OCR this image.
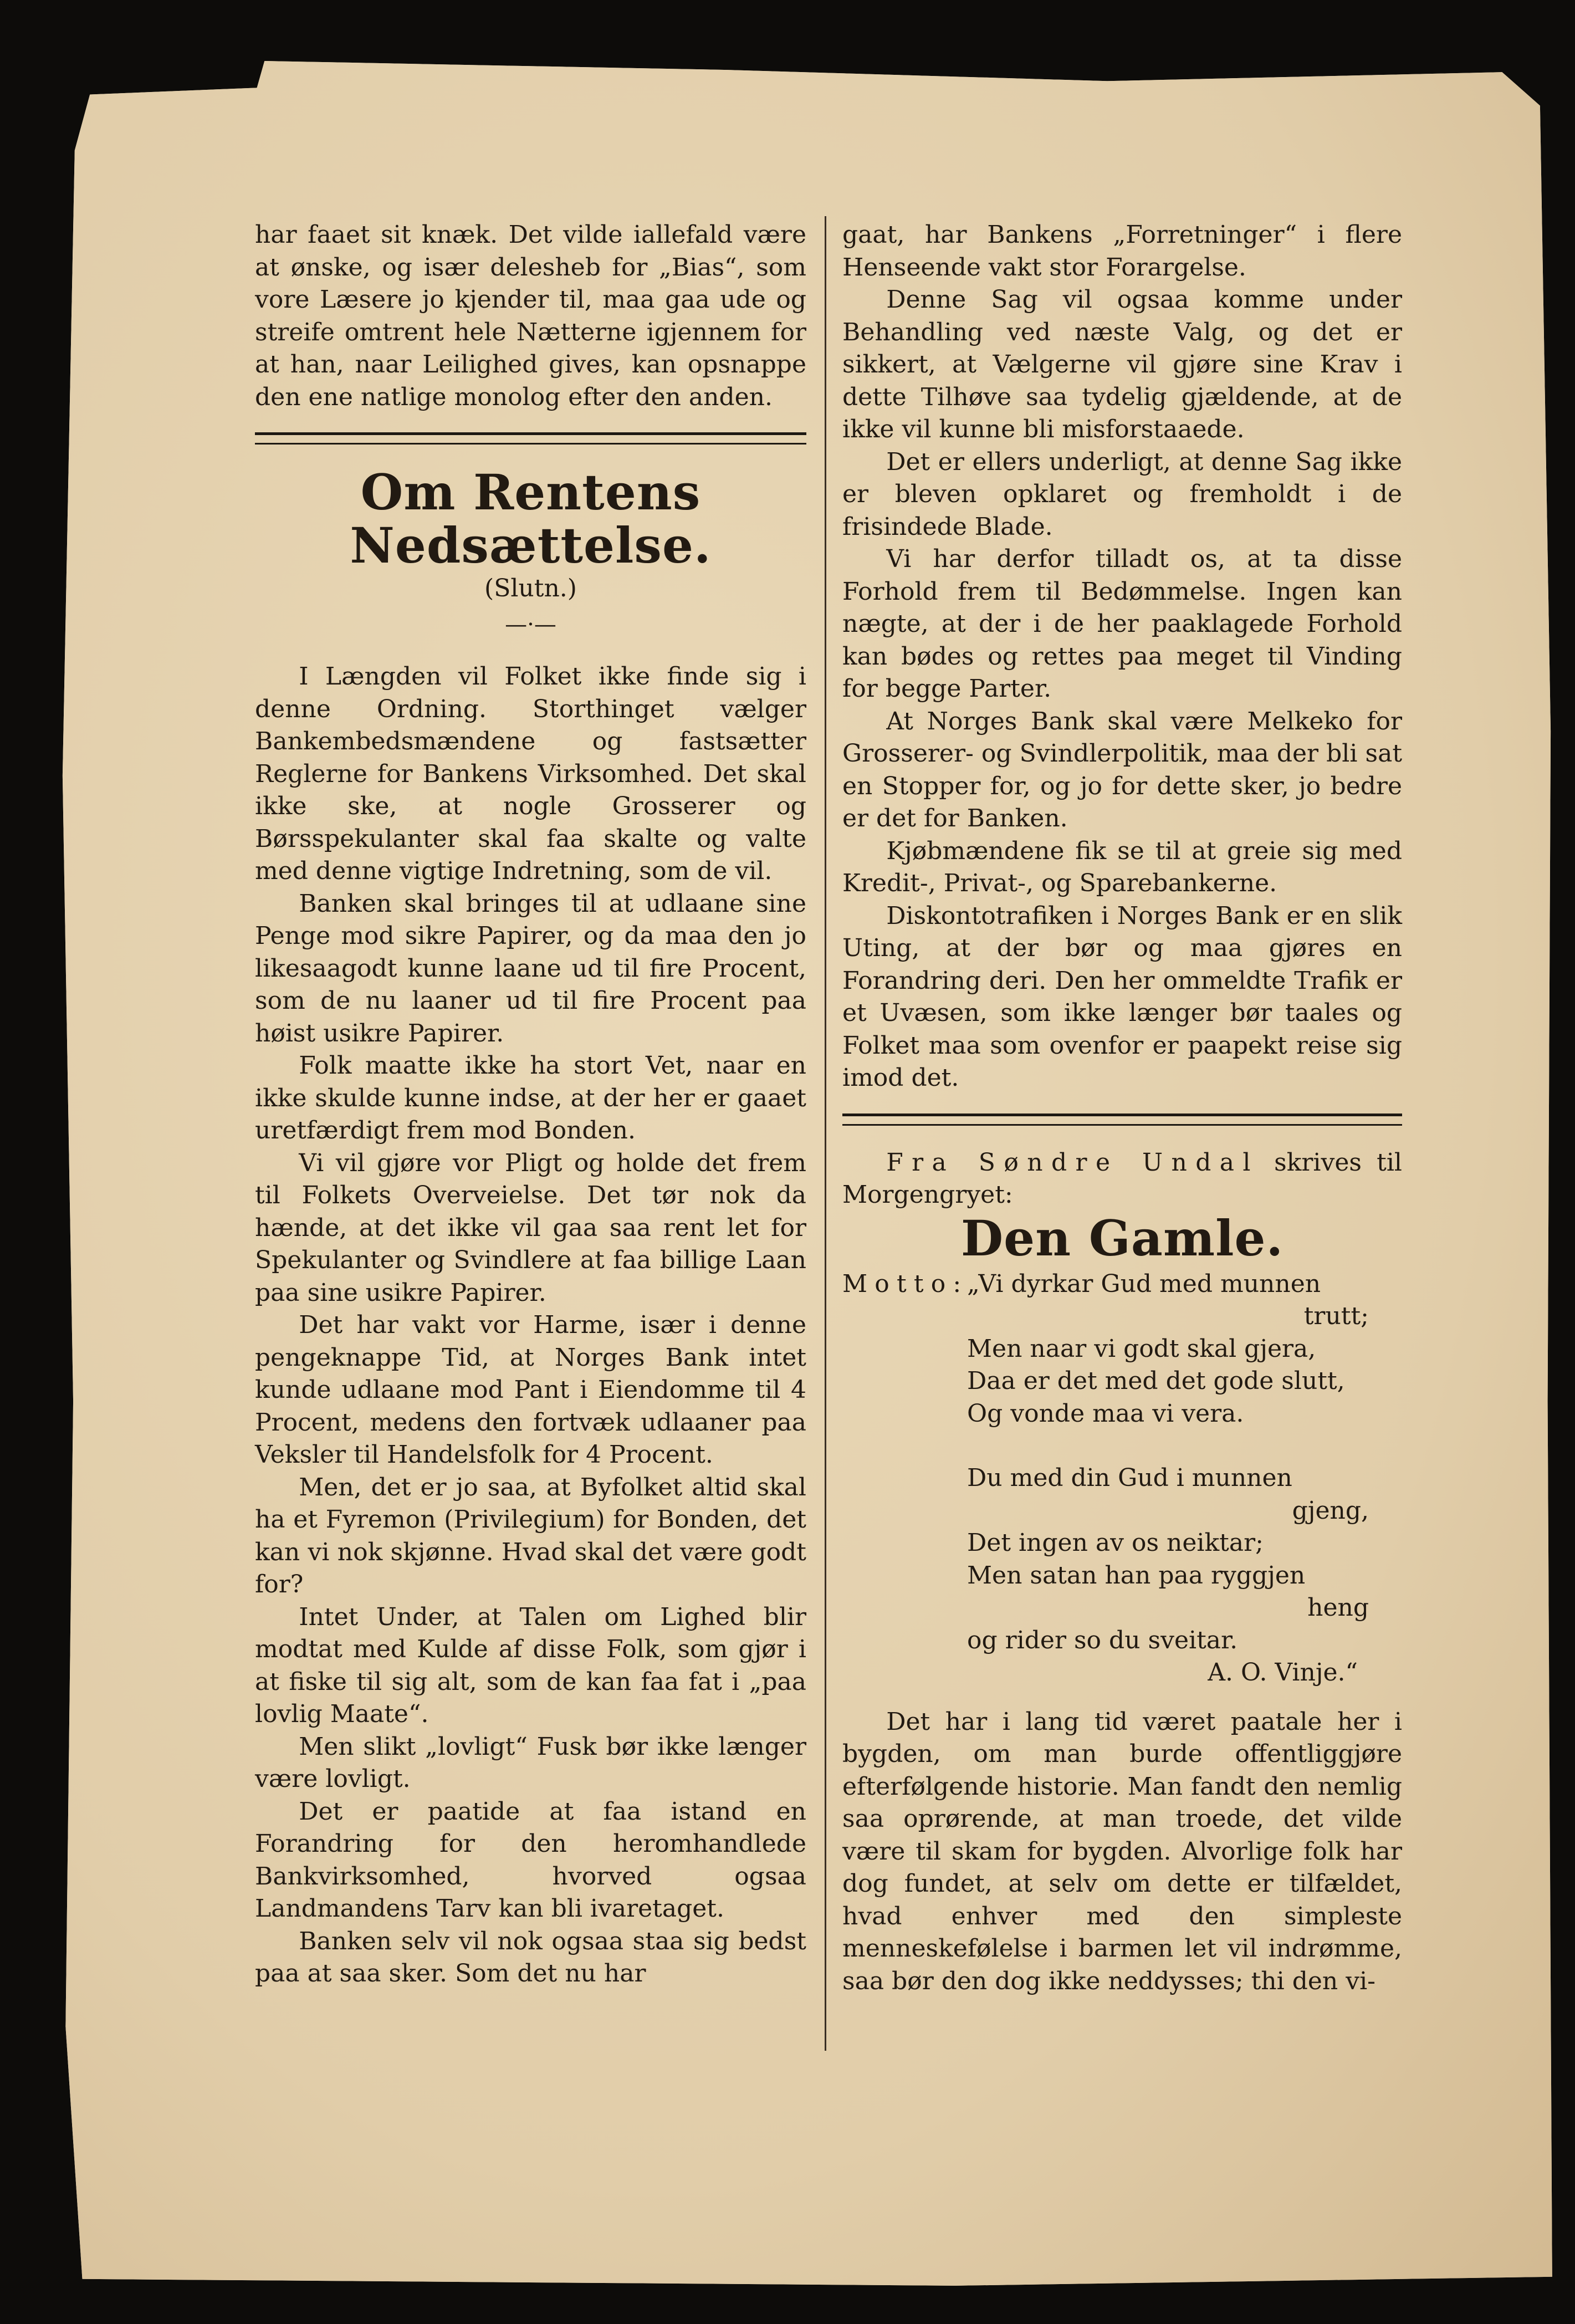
har faaet sit knæk. Det vilde iallefald være at ønske, og især delesheb for „Bias“, som vore Læsere jo kjender til, maa gaa ude og streife omtrent hele Nætterne igjennem for at han, naar Leilighed gives, kan opsnappe den ene natlige monolog efter den anden.

Om Rentens Nedsættelse.

(Slutn.)

—·—

I Længden vil Folket ikke finde sig i denne Ordning. Storthinget vælger Bankembedsmændene og fastsætter Reglerne for Bankens Virksomhed. Det skal ikke ske, at nogle Grosserer og Børsspekulanter skal faa skalte og valte med denne vigtige Indretning, som de vil.

Banken skal bringes til at udlaane sine Penge mod sikre Papirer, og da maa den jo likesaagodt kunne laane ud til fire Procent, som de nu laaner ud til fire Procent paa høist usikre Papirer.

Folk maatte ikke ha stort Vet, naar en ikke skulde kunne indse, at der her er gaaet uretfærdigt frem mod Bonden.

Vi vil gjøre vor Pligt og holde det frem til Folkets Overveielse. Det tør nok da hænde, at det ikke vil gaa saa rent let for Spekulanter og Svindlere at faa billige Laan paa sine usikre Papirer.

Det har vakt vor Harme, især i denne pengeknappe Tid, at Norges Bank intet kunde udlaane mod Pant i Eiendomme til 4 Procent, medens den fortvæk udlaaner paa Veksler til Handelsfolk for 4 Procent.

Men, det er jo saa, at Byfolket altid skal ha et Fyremon (Privilegium) for Bonden, det kan vi nok skjønne. Hvad skal det være godt for?

Intet Under, at Talen om Lighed blir modtat med Kulde af disse Folk, som gjør i at fiske til sig alt, som de kan faa fat i „paa lovlig Maate“.

Men slikt „lovligt“ Fusk bør ikke længer være lovligt.

Det er paatide at faa istand en Forandring for den heromhandlede Bankvirksomhed, hvorved ogsaa Landmandens Tarv kan bli ivaretaget.

Banken selv vil nok ogsaa staa sig bedst paa at saa sker. Som det nu har

gaat, har Bankens „Forretninger“ i flere Henseende vakt stor Forargelse.

Denne Sag vil ogsaa komme under Behandling ved næste Valg, og det er sikkert, at Vælgerne vil gjøre sine Krav i dette Tilhøve saa tydelig gjældende, at de ikke vil kunne bli misforstaaede.

Det er ellers underligt, at denne Sag ikke er bleven opklaret og fremholdt i de frisindede Blade.

Vi har derfor tilladt os, at ta disse Forhold frem til Bedømmelse. Ingen kan nægte, at der i de her paaklagede Forhold kan bødes og rettes paa meget til Vinding for begge Parter.

At Norges Bank skal være Melkeko for Grosserer- og Svindlerpolitik, maa der bli sat en Stopper for, og jo for dette sker, jo bedre er det for Banken.

Kjøbmændene fik se til at greie sig med Kredit-, Privat-, og Sparebankerne.

Diskontotrafiken i Norges Bank er en slik Uting, at der bør og maa gjøres en Forandring deri. Den her ommeldte Trafik er et Uvæsen, som ikke længer bør taales og Folket maa som ovenfor er paapekt reise sig imod det.

Fra Søndre Undal skrives til Morgengryet:

Den Gamle.

Motto:
„Vi dyrkar Gud med munnen
trutt;
Men naar vi godt skal gjera,
Daa er det med det gode slutt,
Og vonde maa vi vera.
Du med din Gud i munnen
gjeng,
Det ingen av os neiktar;
Men satan han paa ryggjen
heng
og rider so du sveitar.
A. O. Vinje.“

Det har i lang tid været paatale her i bygden, om man burde offentliggjøre efterfølgende historie. Man fandt den nemlig saa oprørende, at man troede, det vilde være til skam for bygden. Alvorlige folk har dog fundet, at selv om dette er tilfældet, hvad enhver med den simpleste menneskefølelse i barmen let vil indrømme, saa bør den dog ikke neddysses; thi den vi-
